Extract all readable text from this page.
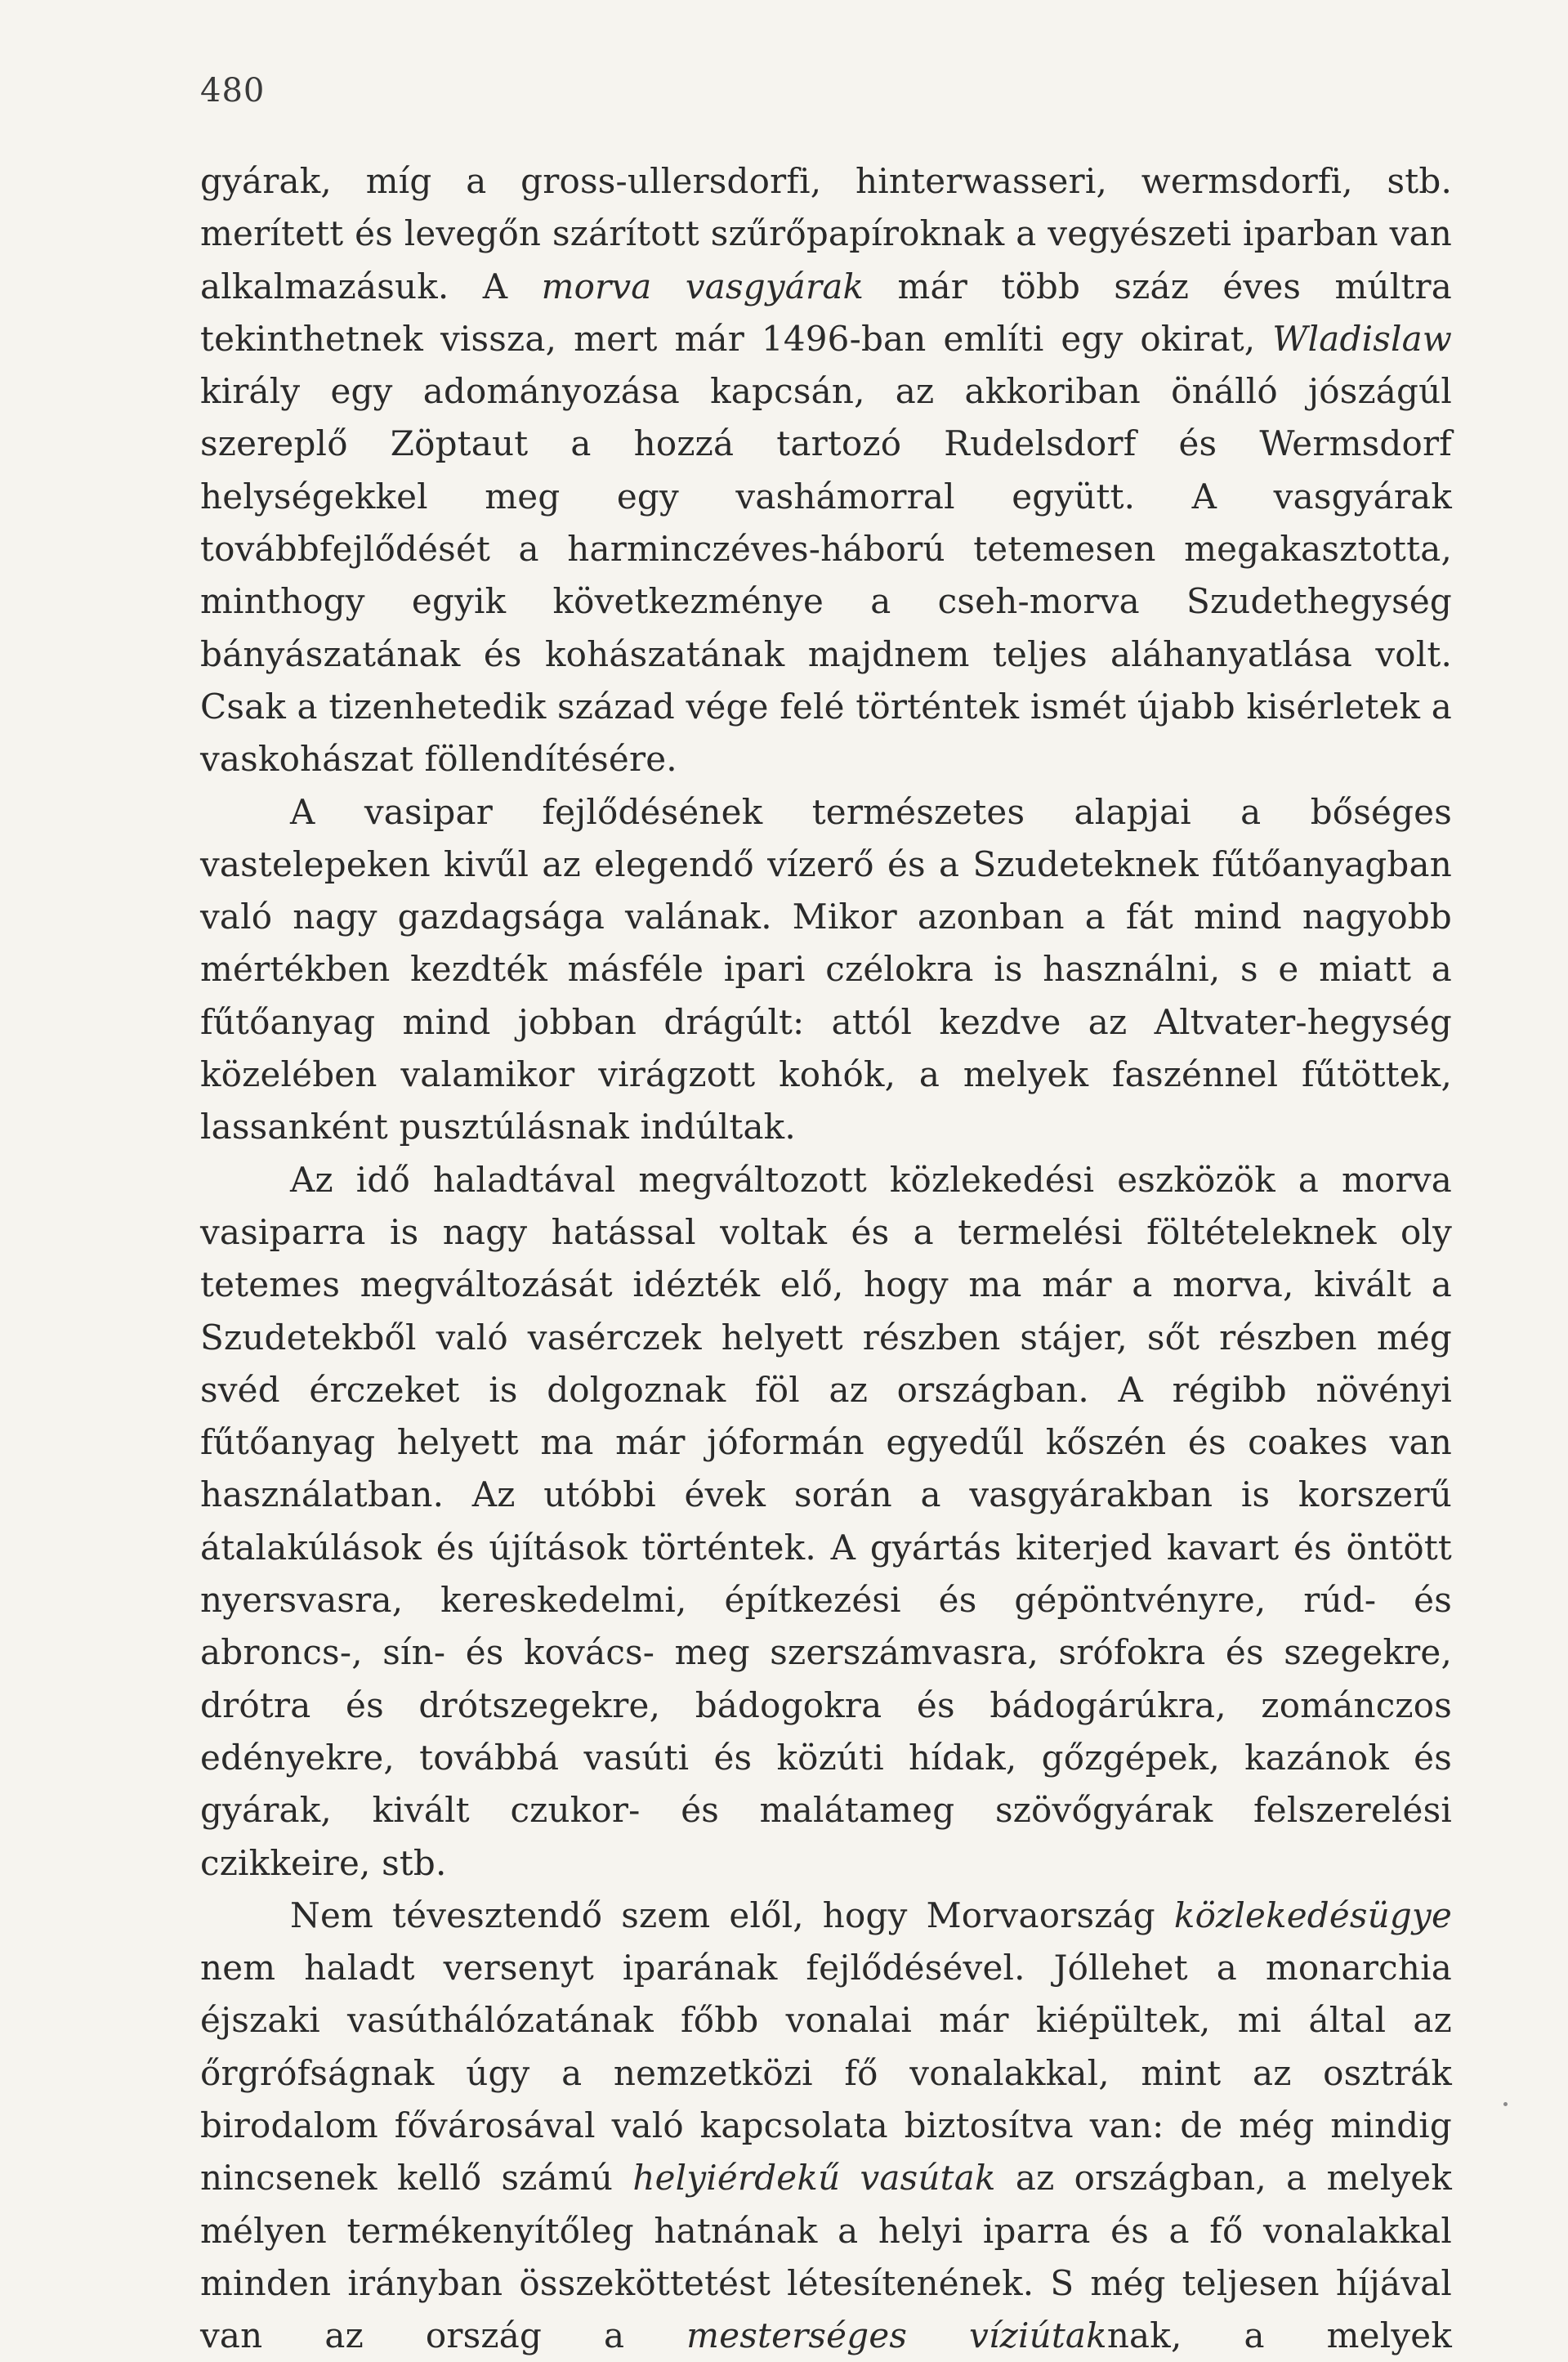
480

gyárak, míg a gross-ullersdorfi, hinterwasseri, wermsdorfi, stb. merített és levegőn szárított szűrőpapíroknak a vegyészeti iparban van alkalmazásuk. A morva vasgyárak már több száz éves múltra tekinthetnek vissza, mert már 1496-ban említi egy okirat, Wladislaw király egy adományozása kapcsán, az akkoriban önálló jószágúl szereplő Zöptaut a hozzá tartozó Rudelsdorf és Wermsdorf helységekkel meg egy vashámorral együtt. A vasgyárak továbbfejlődését a harminczéves-háború tetemesen megakasztotta, minthogy egyik következménye a cseh-morva Szudethegység bányászatának és kohászatának majdnem teljes aláhanyatlása volt. Csak a tizenhetedik század vége felé történtek ismét újabb kisérletek a vaskohászat föllendítésére.

A vasipar fejlődésének természetes alapjai a bőséges vastelepeken kivűl az elegendő vízerő és a Szudeteknek fűtőanyagban való nagy gazdagsága valának. Mikor azonban a fát mind nagyobb mértékben kezdték másféle ipari czélokra is használni, s e miatt a fűtőanyag mind jobban drágúlt: attól kezdve az Altvater-hegység közelében valamikor virágzott kohók, a melyek faszénnel fűtöttek, lassanként pusztúlásnak indúltak.

Az idő haladtával megváltozott közlekedési eszközök a morva vasiparra is nagy hatással voltak és a termelési föltételeknek oly tetemes megváltozását idézték elő, hogy ma már a morva, kivált a Szudetekből való vasérczek helyett részben stájer, sőt részben még svéd érczeket is dolgoznak föl az országban. A régibb növényi fűtőanyag helyett ma már jóformán egyedűl kőszén és coakes van használatban. Az utóbbi évek során a vasgyárakban is korszerű átalakúlások és újítások történtek. A gyártás kiterjed kavart és öntött nyersvasra, kereskedelmi, építkezési és gépöntvényre, rúd- és abroncs-, sín- és kovács- meg szerszámvasra, srófokra és szegekre, drótra és drótszegekre, bádogokra és bádogárúkra, zománczos edényekre, továbbá vasúti és közúti hídak, gőzgépek, kazánok és gyárak, kivált czukor- és malátameg szövőgyárak felszerelési czikkeire, stb.

Nem tévesztendő szem elől, hogy Morvaország közlekedésügye nem haladt versenyt iparának fejlődésével. Jóllehet a monarchia éjszaki vasúthálózatának főbb vonalai már kiépültek, mi által az őrgrófságnak úgy a nemzetközi fő vonalakkal, mint az osztrák birodalom fővárosával való kapcsolata biztosítva van: de még mindig nincsenek kellő számú helyiérdekű vasútak az országban, a melyek mélyen termékenyítőleg hatnának a helyi iparra és a fő vonalakkal minden irányban összeköttetést létesítenének. S még teljesen híjával van az ország a mesterséges víziútaknak, a melyek
